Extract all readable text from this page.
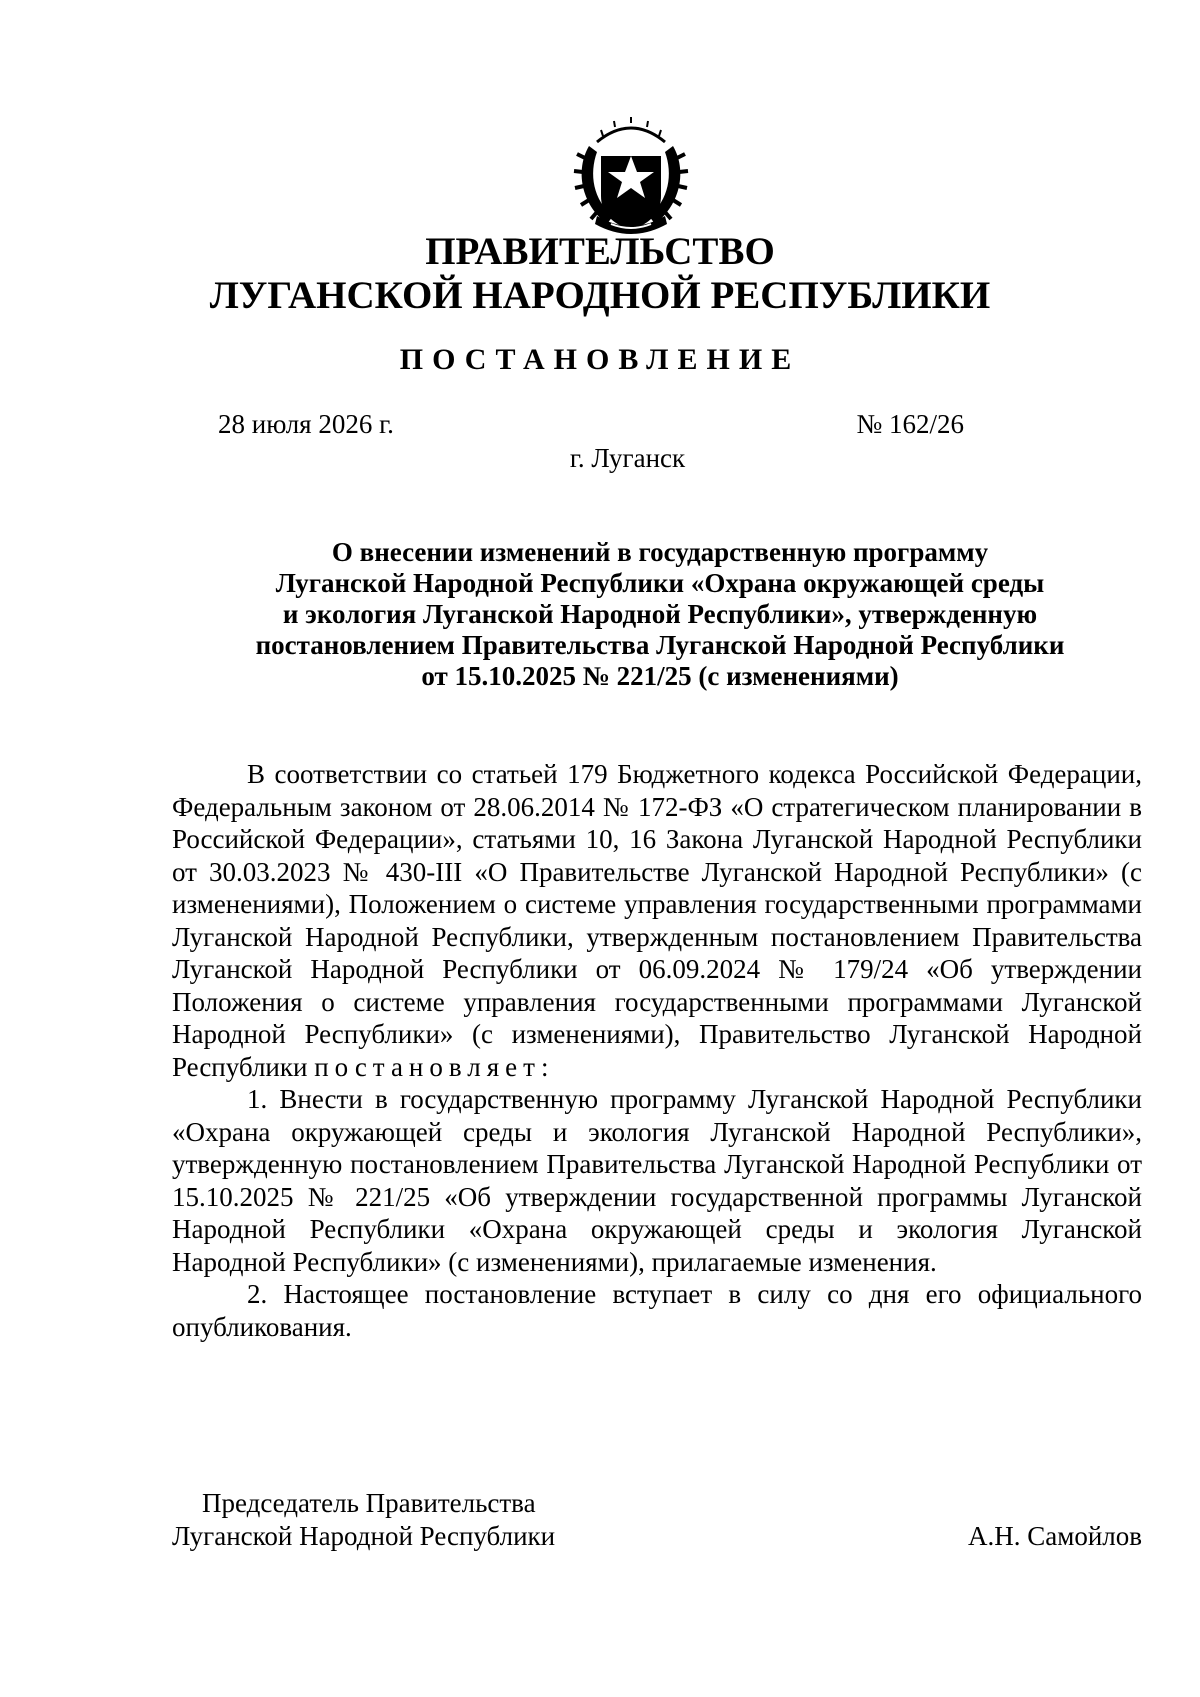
ПРАВИТЕЛЬСТВО
ЛУГАНСКОЙ НАРОДНОЙ РЕСПУБЛИКИ
ПОСТАНОВЛЕНИЕ
28 июля 2026 г.	№ 162/26
г. Луганск
О внесении изменений в государственную программу
Луганской Народной Республики «Охрана окружающей среды
и экология Луганской Народной Республики», утвержденную
постановлением Правительства Луганской Народной Республики
от 15.10.2025 № 221/25 (с изменениями)

В соответствии со статьей 179 Бюджетного кодекса Российской Федерации, Федеральным законом от 28.06.2014 № 172-ФЗ «О стратегическом планировании в Российской Федерации», статьями 10, 16 Закона Луганской Народной Республики от 30.03.2023 № 430-III «О Правительстве Луганской Народной Республики» (с изменениями), Положением о системе управления государственными программами Луганской Народной Республики, утвержденным постановлением Правительства Луганской Народной Республики от 06.09.2024 № 179/24 «Об утверждении Положения о системе управления государственными программами Луганской Народной Республики» (с изменениями), Правительство Луганской Народной Республики постановляет:

1. Внести в государственную программу Луганской Народной Республики «Охрана окружающей среды и экология Луганской Народной Республики», утвержденную постановлением Правительства Луганской Народной Республики от 15.10.2025 № 221/25 «Об утверждении государственной программы Луганской Народной Республики «Охрана окружающей среды и экология Луганской Народной Республики» (с изменениями), прилагаемые изменения.

2. Настоящее постановление вступает в силу со дня его официального опубликования.

Председатель Правительства
Луганской Народной Республики	А.Н. Самойлов
